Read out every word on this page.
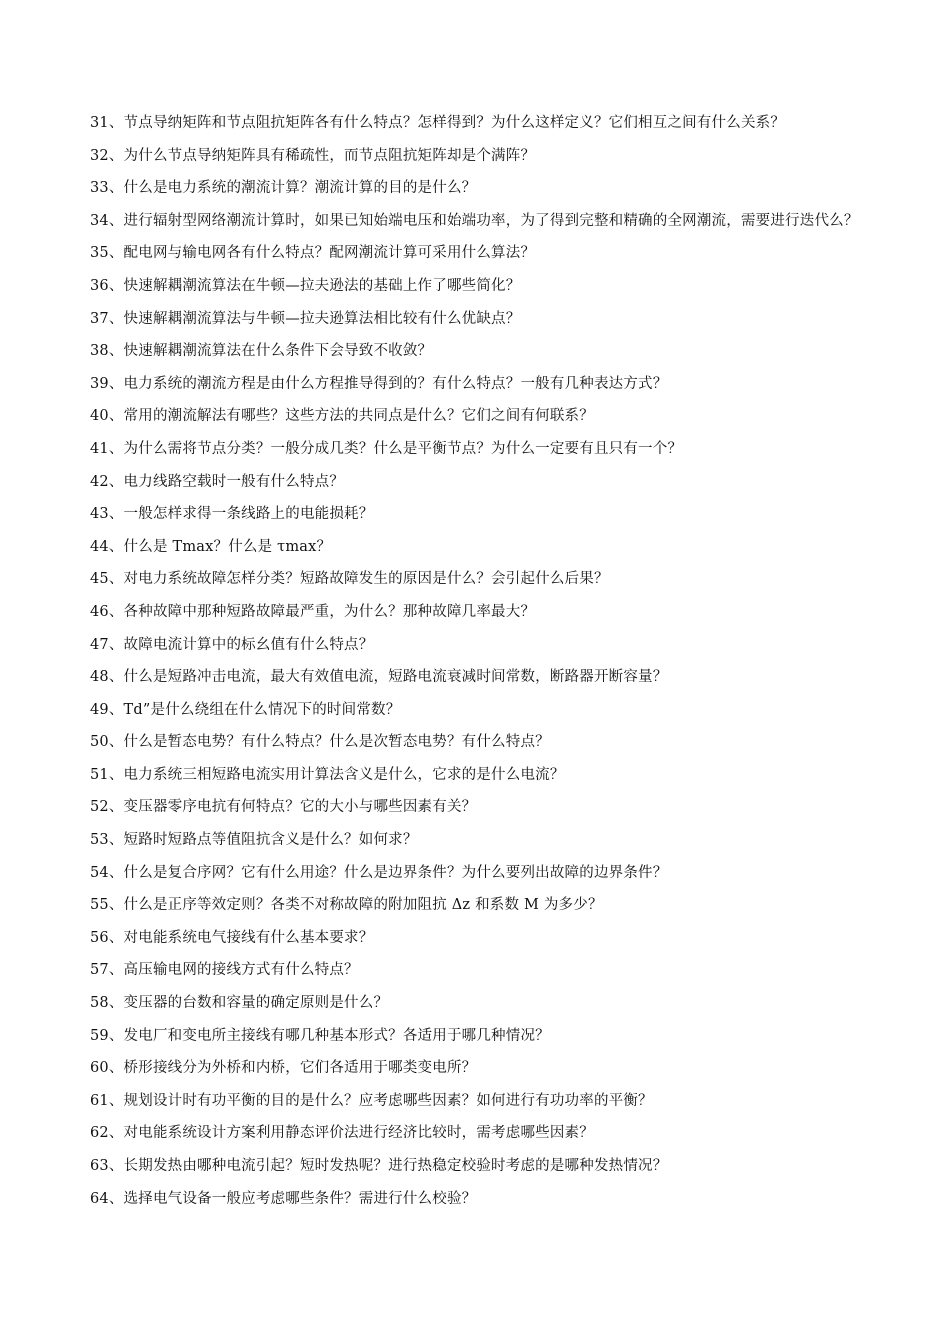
31、节点导纳矩阵和节点阻抗矩阵各有什么特点？怎样得到？为什么这样定义？它们相互之间有什么关系？
32、为什么节点导纳矩阵具有稀疏性，而节点阻抗矩阵却是个满阵？
33、什么是电力系统的潮流计算？潮流计算的目的是什么？
34、进行辐射型网络潮流计算时，如果已知始端电压和始端功率，为了得到完整和精确的全网潮流，需要进行迭代么？
35、配电网与输电网各有什么特点？配网潮流计算可采用什么算法？
36、快速解耦潮流算法在牛顿—拉夫逊法的基础上作了哪些简化？
37、快速解耦潮流算法与牛顿—拉夫逊算法相比较有什么优缺点？
38、快速解耦潮流算法在什么条件下会导致不收敛？
39、电力系统的潮流方程是由什么方程推导得到的？有什么特点？一般有几种表达方式？
40、常用的潮流解法有哪些？这些方法的共同点是什么？它们之间有何联系？
41、为什么需将节点分类？一般分成几类？什么是平衡节点？为什么一定要有且只有一个？
42、电力线路空载时一般有什么特点？
43、一般怎样求得一条线路上的电能损耗？
44、什么是 Tmax？什么是 τmax？
45、对电力系统故障怎样分类？短路故障发生的原因是什么？会引起什么后果？
46、各种故障中那种短路故障最严重，为什么？那种故障几率最大？
47、故障电流计算中的标幺值有什么特点？
48、什么是短路冲击电流，最大有效值电流，短路电流衰减时间常数，断路器开断容量？
49、Td”是什么绕组在什么情况下的时间常数？
50、什么是暂态电势？有什么特点？什么是次暂态电势？有什么特点？
51、电力系统三相短路电流实用计算法含义是什么，它求的是什么电流？
52、变压器零序电抗有何特点？它的大小与哪些因素有关？
53、短路时短路点等值阻抗含义是什么？如何求？
54、什么是复合序网？它有什么用途？什么是边界条件？为什么要列出故障的边界条件？
55、什么是正序等效定则？各类不对称故障的附加阻抗 Δz 和系数 M 为多少？
56、对电能系统电气接线有什么基本要求？
57、高压输电网的接线方式有什么特点？
58、变压器的台数和容量的确定原则是什么？
59、发电厂和变电所主接线有哪几种基本形式？各适用于哪几种情况？
60、桥形接线分为外桥和内桥，它们各适用于哪类变电所？
61、规划设计时有功平衡的目的是什么？应考虑哪些因素？如何进行有功功率的平衡？
62、对电能系统设计方案利用静态评价法进行经济比较时，需考虑哪些因素？
63、长期发热由哪种电流引起？短时发热呢？进行热稳定校验时考虑的是哪种发热情况？
64、选择电气设备一般应考虑哪些条件？需进行什么校验？
